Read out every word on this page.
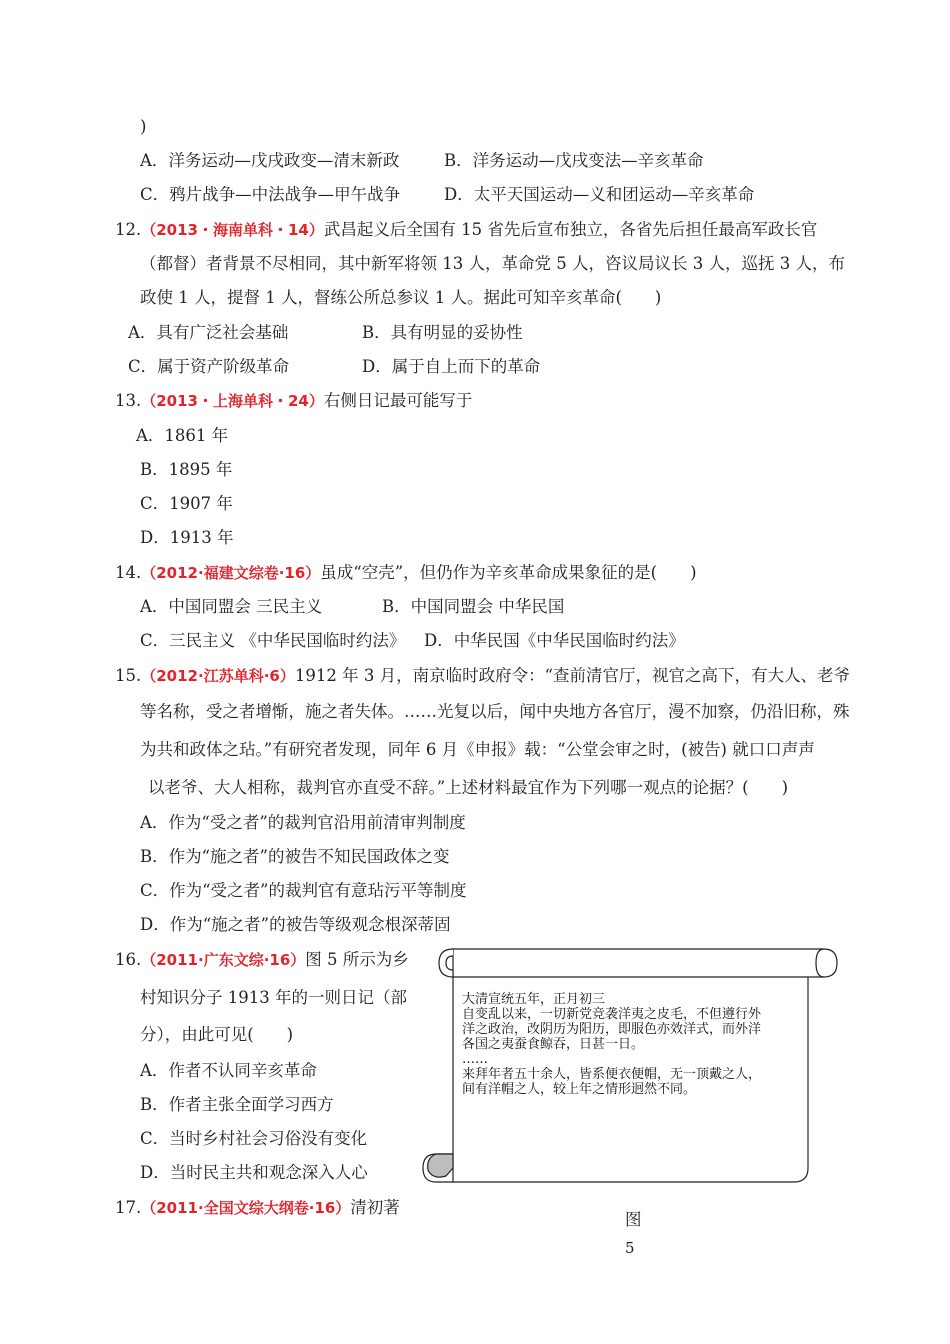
)
A．洋务运动—戊戌政变—清末新政	B．洋务运动—戊戌变法—辛亥革命
C．鸦片战争—中法战争—甲午战争	D．太平天国运动—义和团运动—辛亥革命
12.（2013・海南单科・14）武昌起义后全国有 15 省先后宣布独立，各省先后担任最高军政长官
（都督）者背景不尽相同，其中新军将领 13 人，革命党 5 人，咨议局议长 3 人，巡抚 3 人，布
政使 1 人，提督 1 人，督练公所总参议 1 人。据此可知辛亥革命(　　)
A．具有广泛社会基础	B．具有明显的妥协性
C．属于资产阶级革命	D．属于自上而下的革命
13.（2013・上海单科・24）右侧日记最可能写于
A．1861 年
B．1895 年
C．1907 年
D．1913 年
14.（2012·福建文综卷·16）虽成“空壳”，但仍作为辛亥革命成果象征的是(　　)
A．中国同盟会 三民主义	B．中国同盟会 中华民国
C．三民主义 《中华民国临时约法》 D．中华民国《中华民国临时约法》
15.（2012·江苏单科·6）1912 年 3 月，南京临时政府令：“查前清官厅，视官之高下，有大人、老爷
等名称，受之者增惭，施之者失体。……光复以后，闻中央地方各官厅，漫不加察，仍沿旧称，殊
为共和政体之玷。”有研究者发现，同年 6 月《申报》载：“公堂会审之时，(被告) 就口口声声
以老爷、大人相称，裁判官亦直受不辞。”上述材料最宜作为下列哪一观点的论据？(　　)
A．作为“受之者”的裁判官沿用前清审判制度
B．作为“施之者”的被告不知民国政体之变
C．作为“受之者”的裁判官有意玷污平等制度
D．作为“施之者”的被告等级观念根深蒂固
16.（2011·广东文综·16）图 5 所示为乡
村知识分子 1913 年的一则日记（部
分），由此可见(　　)
A．作者不认同辛亥革命
B．作者主张全面学习西方
C．当时乡村社会习俗没有变化
D．当时民主共和观念深入人心
17.（2011·全国文综大纲卷·16）清初著
大清宣统五年，正月初三
自变乱以来，一切新党竞袭洋夷之皮毛，不但遵行外
洋之政治，改阴历为阳历，即服色亦效洋式，而外洋
各国之夷蚕食鲸吞，日甚一日。
……
来拜年者五十余人，皆系便衣便帽，无一顶戴之人，
间有洋帽之人，较上年之情形迥然不同。
图
5
